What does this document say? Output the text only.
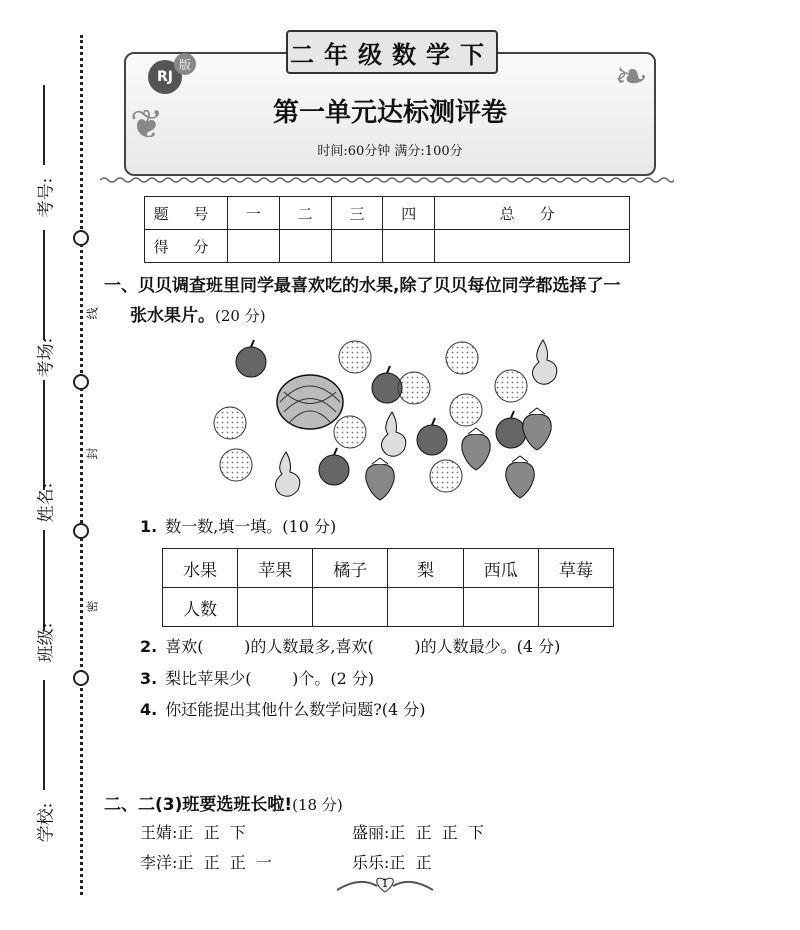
考号:
考场:
姓名:
班级:
学校:
线
封
密
❦
❧
二年级数学下
RJ
版
第一单元达标测评卷
时间:60分钟 满分:100分
题 号	一	二	三	四	总 分
得 分					
一、贝贝调查班里同学最喜欢吃的水果,除了贝贝每位同学都选择了一
张水果片。(20 分)
1. 数一数,填一填。(10 分)
水果	苹果	橘子	梨	西瓜	草莓
人数					
2. 喜欢(        )的人数最多,喜欢(        )的人数最少。(4 分)
3. 梨比苹果少(        )个。(2 分)
4. 你还能提出其他什么数学问题?(4 分)
二、二(3)班要选班长啦!(18 分)
王婧:正  正  下	盛丽:正  正  正  下
李洋:正  正  正  一	乐乐:正  正
1
